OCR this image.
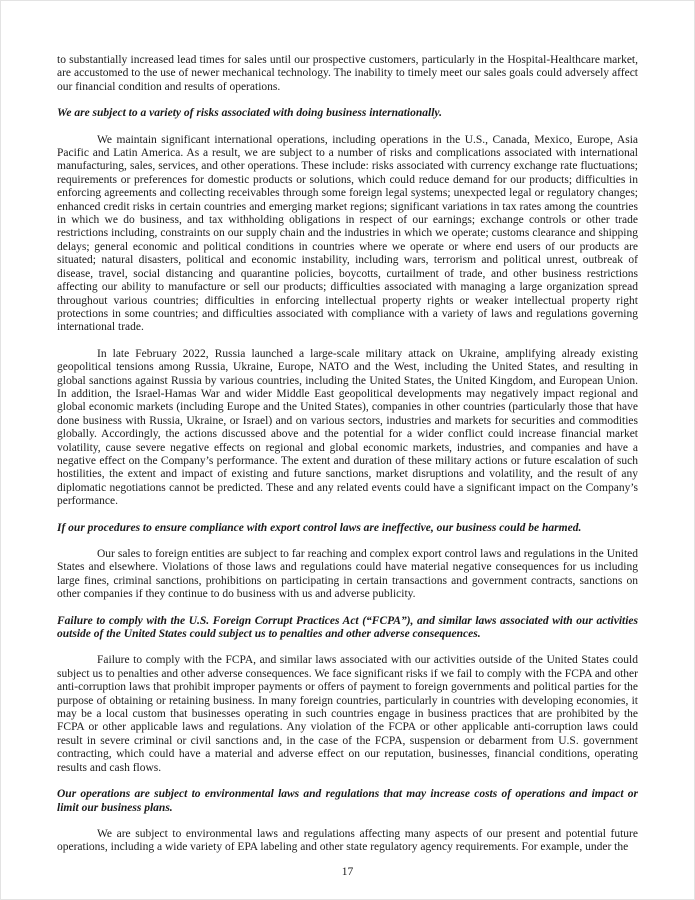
to substantially increased lead times for sales until our prospective customers, particularly in the Hospital-Healthcare market, are accustomed to the use of newer mechanical technology. The inability to timely meet our sales goals could adversely affect our financial condition and results of operations.

We are subject to a variety of risks associated with doing business internationally.

We maintain significant international operations, including operations in the U.S., Canada, Mexico, Europe, Asia Pacific and Latin America. As a result, we are subject to a number of risks and complications associated with international manufacturing, sales, services, and other operations. These include: risks associated with currency exchange rate fluctuations; requirements or preferences for domestic products or solutions, which could reduce demand for our products; difficulties in enforcing agreements and collecting receivables through some foreign legal systems; unexpected legal or regulatory changes; enhanced credit risks in certain countries and emerging market regions; significant variations in tax rates among the countries in which we do business, and tax withholding obligations in respect of our earnings; exchange controls or other trade restrictions including, constraints on our supply chain and the industries in which we operate; customs clearance and shipping delays; general economic and political conditions in countries where we operate or where end users of our products are situated; natural disasters, political and economic instability, including wars, terrorism and political unrest, outbreak of disease, travel, social distancing and quarantine policies, boycotts, curtailment of trade, and other business restrictions affecting our ability to manufacture or sell our products; difficulties associated with managing a large organization spread throughout various countries; difficulties in enforcing intellectual property rights or weaker intellectual property right protections in some countries; and difficulties associated with compliance with a variety of laws and regulations governing international trade.

In late February 2022, Russia launched a large-scale military attack on Ukraine, amplifying already existing geopolitical tensions among Russia, Ukraine, Europe, NATO and the West, including the United States, and resulting in global sanctions against Russia by various countries, including the United States, the United Kingdom, and European Union. In addition, the Israel-Hamas War and wider Middle East geopolitical developments may negatively impact regional and global economic markets (including Europe and the United States), companies in other countries (particularly those that have done business with Russia, Ukraine, or Israel) and on various sectors, industries and markets for securities and commodities globally. Accordingly, the actions discussed above and the potential for a wider conflict could increase financial market volatility, cause severe negative effects on regional and global economic markets, industries, and companies and have a negative effect on the Company’s performance. The extent and duration of these military actions or future escalation of such hostilities, the extent and impact of existing and future sanctions, market disruptions and volatility, and the result of any diplomatic negotiations cannot be predicted. These and any related events could have a significant impact on the Company’s performance.

If our procedures to ensure compliance with export control laws are ineffective, our business could be harmed.

Our sales to foreign entities are subject to far reaching and complex export control laws and regulations in the United States and elsewhere. Violations of those laws and regulations could have material negative consequences for us including large fines, criminal sanctions, prohibitions on participating in certain transactions and government contracts, sanctions on other companies if they continue to do business with us and adverse publicity.

Failure to comply with the U.S. Foreign Corrupt Practices Act (“FCPA”), and similar laws associated with our activities outside of the United States could subject us to penalties and other adverse consequences.

Failure to comply with the FCPA, and similar laws associated with our activities outside of the United States could subject us to penalties and other adverse consequences. We face significant risks if we fail to comply with the FCPA and other anti-corruption laws that prohibit improper payments or offers of payment to foreign governments and political parties for the purpose of obtaining or retaining business. In many foreign countries, particularly in countries with developing economies, it may be a local custom that businesses operating in such countries engage in business practices that are prohibited by the FCPA or other applicable laws and regulations. Any violation of the FCPA or other applicable anti-corruption laws could result in severe criminal or civil sanctions and, in the case of the FCPA, suspension or debarment from U.S. government contracting, which could have a material and adverse effect on our reputation, businesses, financial conditions, operating results and cash flows.

Our operations are subject to environmental laws and regulations that may increase costs of operations and impact or limit our business plans.

We are subject to environmental laws and regulations affecting many aspects of our present and potential future operations, including a wide variety of EPA labeling and other state regulatory agency requirements. For example, under the

17
